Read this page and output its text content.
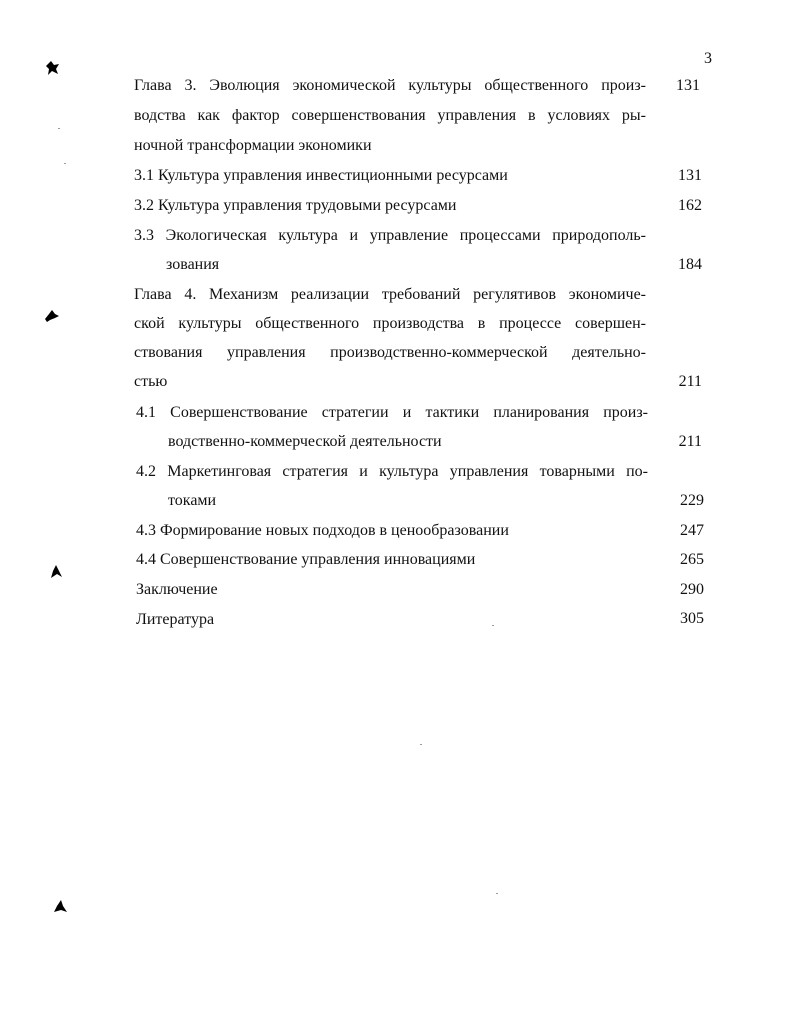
3
Глава 3. Эволюция экономической культуры общественного произ-
водства как фактор совершенствования управления в условиях ры-
ночной трансформации экономики
131
3.1 Культура управления инвестиционными ресурсами	131
3.2 Культура управления трудовыми ресурсами	162
3.3 Экологическая культура и управление процессами природополь-
зования	184
Глава 4. Механизм реализации требований регулятивов экономиче-
ской культуры общественного производства в процессе совершен-
ствования управления производственно-коммерческой деятельно-
стью	211
4.1 Совершенствование стратегии и тактики планирования произ-
водственно-коммерческой деятельности	211
4.2 Маркетинговая стратегия и культура управления товарными по-
токами	229
4.3 Формирование новых подходов в ценообразовании	247
4.4 Совершенствование управления инновациями	265
Заключение	290
Литература	305
